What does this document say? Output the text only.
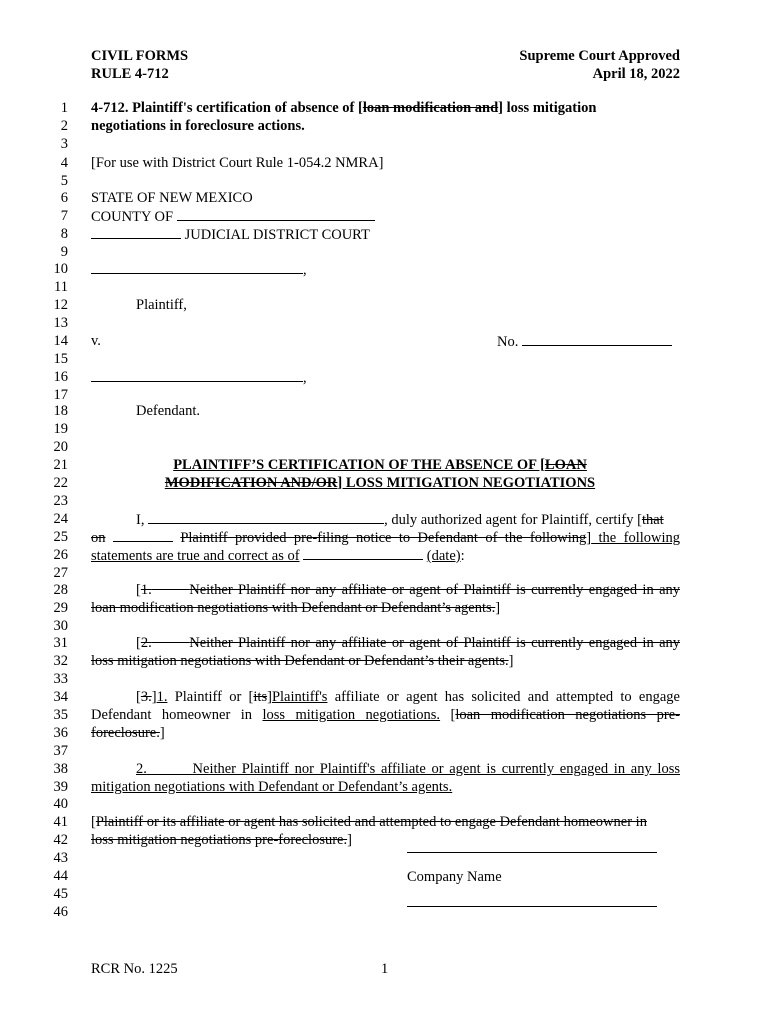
CIVIL FORMS
RULE 4-712
Supreme Court Approved
April 18, 2022
1
2
3
4
5
6
7
8
9
10
11
12
13
14
15
16
17
18
19
20
21
22
23
24
25
26
27
28
29
30
31
32
33
34
35
36
37
38
39
40
41
42
43
44
45
46
4-712. Plaintiff's certification of absence of [loan modification and] loss mitigation
negotiations in foreclosure actions.
[For use with District Court Rule 1-054.2 NMRA]
STATE OF NEW MEXICO
COUNTY OF
JUDICIAL DISTRICT COURT
,
Plaintiff,
v.	No.
,
Defendant.
PLAINTIFF’S CERTIFICATION OF THE ABSENCE OF [LOAN
MODIFICATION AND/OR] LOSS MITIGATION NEGOTIATIONS
I,	, duly authorized agent for Plaintiff, certify [that
on	Plaintiff provided pre-filing notice to Defendant of the following] the following
statements are true and correct as of	(date):
[1.	Neither Plaintiff nor any affiliate or agent of Plaintiff is currently engaged in any
loan modification negotiations with Defendant or Defendant’s agents.]
[2.	Neither Plaintiff nor any affiliate or agent of Plaintiff is currently engaged in any
loss mitigation negotiations with Defendant or Defendant’s their agents.]
[3.]1. Plaintiff or [its]Plaintiff's affiliate or agent has solicited and attempted to engage
Defendant homeowner in loss mitigation negotiations. [loan modification negotiations pre-
foreclosure.]
2.	Neither Plaintiff nor Plaintiff's affiliate or agent is currently engaged in any loss
mitigation negotiations with Defendant or Defendant’s agents.
[Plaintiff or its affiliate or agent has solicited and attempted to engage Defendant homeowner in
loss mitigation negotiations pre-foreclosure.]
Company Name
RCR No. 1225	1
